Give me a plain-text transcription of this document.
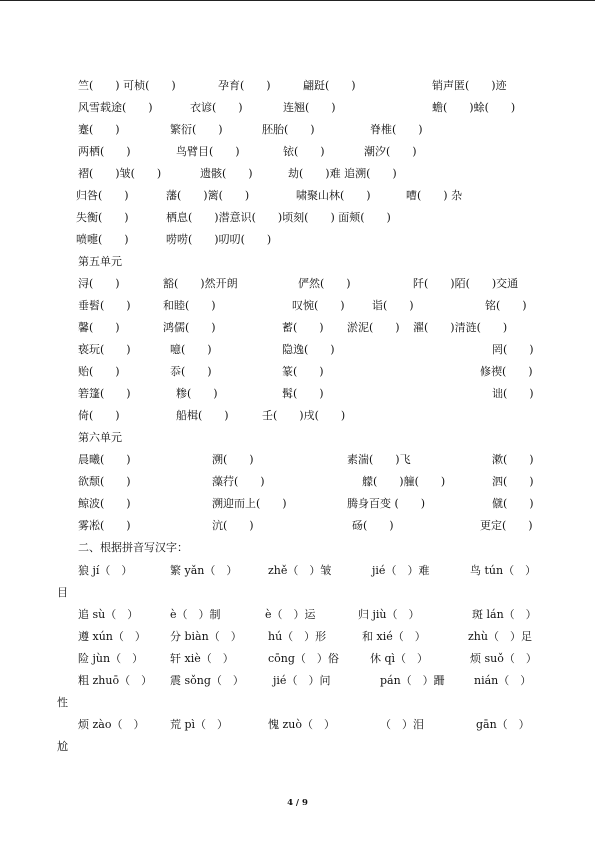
竺(　　) 可桢(　　)	孕育(　　)	翩跹(　　)	销声匿(　　)迹
风雪载途(　　)	衣谚(　　)	连翘(　　)	蟾(　　)蜍(　　)
蹇(　　)	繁衍(　　)	胚胎(　　)	脊椎(　　)
两栖(　　)	鸟臂目(　　)	铱(　　)	潮汐(　　)
褶(　　)皱(　　)	遗骸(　　)	劫(　　)难 追溯(　　)
归咎(　　)	藩(　　)篱(　　)	啸聚山林(　　)	嘈(　　) 杂
失衡(　　)	栖息(　　)潜意识(　　)顷刻(　　) 面颊(　　)
喷嚏(　　)	唠唠(　　)叨叨(　　)
第五单元
浔(　　)	豁(　　)然开朗	俨然(　　)	阡(　　)陌(　　)交通
垂髫(　　)	和睦(　　)	叹惋(　　) 诣(　　)	铭(　　)
馨(　　)	鸿儒(　　)	蓄(　　) 淤泥(　　) 濯(　　)清涟(　　)
亵玩(　　)	噫(　　)	隐逸(　　)	罔(　　)
贻(　　)	忝(　　)	篆(　　)	修禊(　　)
箬篷(　　)	糁(　　)	髯(　　)	诎(　　)
倚(　　)	船楫(　　)	壬(　　)戌(　　)
第六单元
晨曦(　　)	溯(　　)	素湍(　　)飞	漱(　　)
欲颓(　　)	藻荇(　　)	艨(　　)艟(　　)	泗(　　)
鲸波(　　)	溯迎而上(　　)	腾身百变 (　　)	僦(　　)
雾凇(　　)	沆(　　)	砀(　　)	更定(　　)
二、根据拼音写汉字：
狼 jí（　）	繁 yǎn（　）	zhě（　）皱	jié（　）难	鸟 tún（　）
目
追 sù（　）	è（　）制	è（　）运	归 jiù（　）	斑 lán（　）
遵 xún（　） 分 biàn（　） hú（　）形	和 xié（　）	zhù（　）足
险 jùn（　） 轩 xiè（　）	cōng（　）俗	休 qì（　）	烦 suǒ（　）
粗 zhuō（　） 震 sǒng（　）	jié（　）问	pán（　）跚	nián（　）
性
烦 zào（　） 荒 pì（　）	愧 zuò（　）	（　）泪	gān（　）
尬
4 / 9
